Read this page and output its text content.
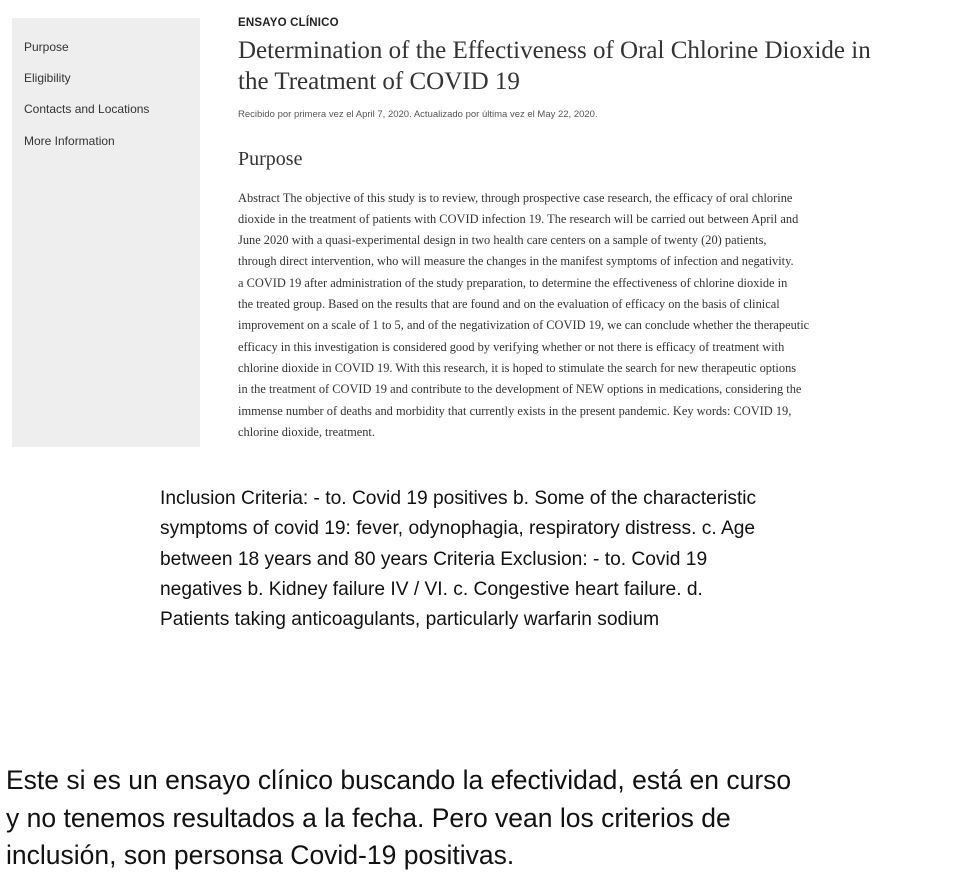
Purpose
Eligibility
Contacts and Locations
More Information
ENSAYO CLÍNICO
Determination of the Effectiveness of Oral Chlorine Dioxide in
the Treatment of COVID 19
Recibido por primera vez el April 7, 2020. Actualizado por última vez el May 22, 2020.
Purpose
Abstract The objective of this study is to review, through prospective case research, the efficacy of oral chlorine
dioxide in the treatment of patients with COVID infection 19. The research will be carried out between April and
June 2020 with a quasi-experimental design in two health care centers on a sample of twenty (20) patients,
through direct intervention, who will measure the changes in the manifest symptoms of infection and negativity.
a COVID 19 after administration of the study preparation, to determine the effectiveness of chlorine dioxide in
the treated group. Based on the results that are found and on the evaluation of efficacy on the basis of clinical
improvement on a scale of 1 to 5, and of the negativization of COVID 19, we can conclude whether the therapeutic
efficacy in this investigation is considered good by verifying whether or not there is efficacy of treatment with
chlorine dioxide in COVID 19. With this research, it is hoped to stimulate the search for new therapeutic options
in the treatment of COVID 19 and contribute to the development of NEW options in medications, considering the
immense number of deaths and morbidity that currently exists in the present pandemic. Key words: COVID 19,
chlorine dioxide, treatment.
Inclusion Criteria: - to. Covid 19 positives b. Some of the characteristic
symptoms of covid 19: fever, odynophagia, respiratory distress. c. Age
between 18 years and 80 years Criteria Exclusion: - to. Covid 19
negatives b. Kidney failure IV / VI. c. Congestive heart failure. d.
Patients taking anticoagulants, particularly warfarin sodium
Este si es un ensayo clínico buscando la efectividad, está en curso
y no tenemos resultados a la fecha. Pero vean los criterios de
inclusión, son personsa Covid-19 positivas.
